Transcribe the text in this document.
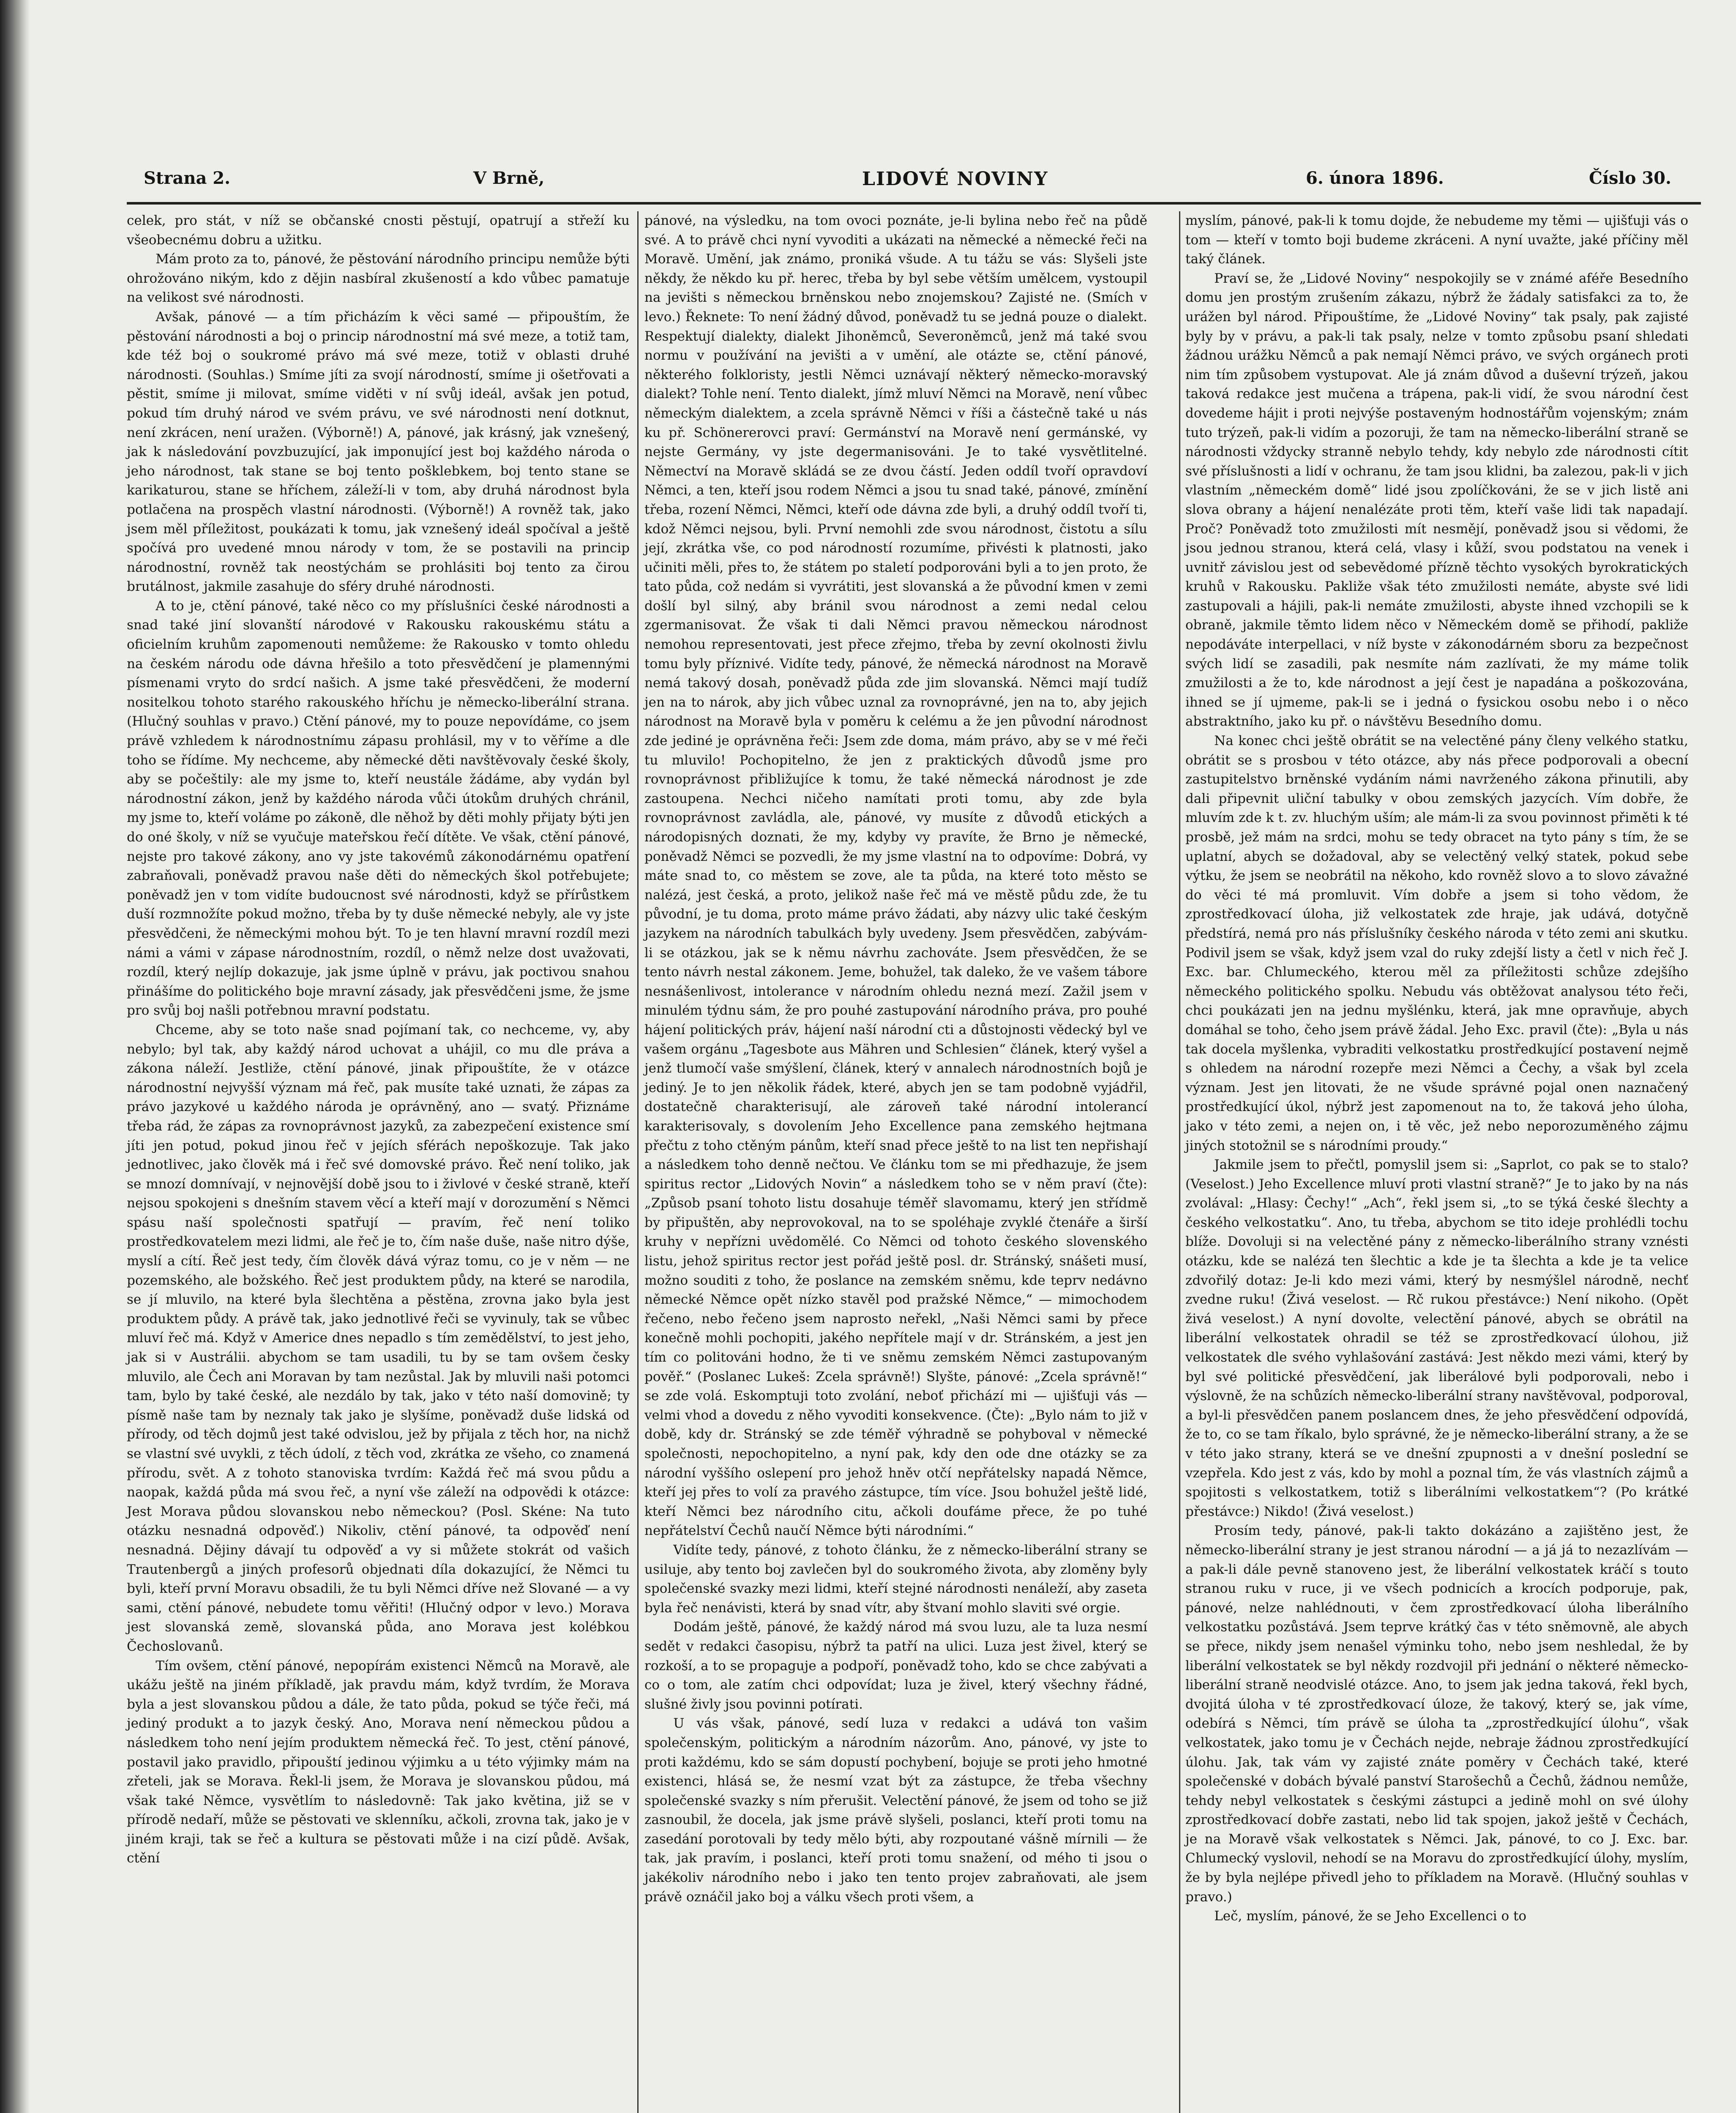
Strana 2.	V Brně,	LIDOVÉ NOVINY	6. února 1896.	Číslo 30.

celek, pro stát, v níž se občanské cnosti pěstují, opatrují a střeží ku všeobecnému dobru a užitku.

Mám proto za to, pánové, že pěstování národního principu nemůže býti ohrožováno nikým, kdo z dějin nasbíral zkušeností a kdo vůbec pamatuje na velikost své národnosti.

Avšak, pánové — a tím přicházím k věci samé — připouštím, že pěstování národnosti a boj o princip národnostní má své meze, a totiž tam, kde též boj o soukromé právo má své meze, totiž v oblasti druhé národnosti. (Souhlas.) Smíme jíti za svojí národností, smíme ji ošetřovati a pěstit, smíme ji milovat, smíme viděti v ní svůj ideál, avšak jen potud, pokud tím druhý národ ve svém právu, ve své národnosti není dotknut, není zkrácen, není uražen. (Výborně!) A, pánové, jak krásný, jak vznešený, jak k následování povzbuzující, jak imponující jest boj každého národa o jeho národnost, tak stane se boj tento pošklebkem, boj tento stane se karikaturou, stane se hříchem, záleží-li v tom, aby druhá národnost byla potlačena na prospěch vlastní národnosti. (Výborně!) A rovněž tak, jako jsem měl příležitost, poukázati k tomu, jak vznešený ideál spočíval a ještě spočívá pro uvedené mnou národy v tom, že se postavili na princip národnostní, rovněž tak neostýchám se prohlásiti boj tento za čirou brutálnost, jakmile zasahuje do sféry druhé národnosti.

A to je, ctění pánové, také něco co my příslušníci české národnosti a snad také jiní slovanští národové v Rakousku rakouskému státu a oficielním kruhům zapomenouti nemůžeme: že Rakousko v tomto ohledu na českém národu ode dávna hřešilo a toto přesvědčení je plamennými písmenami vryto do srdcí našich. A jsme také přesvědčeni, že moderní nositelkou tohoto starého rakouského hříchu je německo-liberální strana. (Hlučný souhlas v pravo.) Ctění pánové, my to pouze nepovídáme, co jsem právě vzhledem k národnostnímu zápasu prohlásil, my v to věříme a dle toho se řídíme. My nechceme, aby německé děti navštěvovaly české školy, aby se počeštily: ale my jsme to, kteří neustále žádáme, aby vydán byl národnostní zákon, jenž by každého národa vůči útokům druhých chránil, my jsme to, kteří voláme po zákoně, dle něhož by děti mohly přijaty býti jen do oné školy, v níž se vyučuje mateřskou řečí dítěte. Ve však, ctění pánové, nejste pro takové zákony, ano vy jste takovémů zákonodárnému opatření zabraňovali, poněvadž pravou naše děti do německých škol potřebujete; poněvadž jen v tom vidíte budoucnost své národnosti, když se přírůstkem duší rozmnožíte pokud možno, třeba by ty duše německé nebyly, ale vy jste přesvědčeni, že německými mohou být. To je ten hlavní mravní rozdíl mezi námi a vámi v zápase národnostním, rozdíl, o němž nelze dost uvažovati, rozdíl, který nejlíp dokazuje, jak jsme úplně v právu, jak poctivou snahou přinášíme do politického boje mravní zásady, jak přesvědčeni jsme, že jsme pro svůj boj našli potřebnou mravní podstatu.

Chceme, aby se toto naše snad pojímaní tak, co nechceme, vy, aby nebylo; byl tak, aby každý národ uchovat a uhájil, co mu dle práva a zákona náleží. Jestliže, ctění pánové, jinak připouštíte, že v otázce národnostní nejvyšší význam má řeč, pak musíte také uznati, že zápas za právo jazykové u každého národa je oprávněný, ano — svatý. Přiznáme třeba rád, že zápas za rovnoprávnost jazyků, za zabezpečení existence smí jíti jen potud, pokud jinou řeč v jejích sférách nepoškozuje. Tak jako jednotlivec, jako člověk má i řeč své domovské právo. Řeč není toliko, jak se mnozí domnívají, v nejnovější době jsou to i živlové v české straně, kteří nejsou spokojeni s dnešním stavem věcí a kteří mají v dorozumění s Němci spásu naší společnosti spatřují — pravím, řeč není toliko prostředkovatelem mezi lidmi, ale řeč je to, čím naše duše, naše nitro dýše, myslí a cítí. Řeč jest tedy, čím člověk dává výraz tomu, co je v něm — ne pozemského, ale božského. Řeč jest produktem půdy, na které se narodila, se jí mluvilo, na které byla šlechtěna a pěstěna, zrovna jako byla jest produktem půdy. A právě tak, jako jednotlivé řeči se vyvinuly, tak se vůbec mluví řeč má. Když v Americe dnes nepadlo s tím zemědělství, to jest jeho, jak si v Austrálii. abychom se tam usadili, tu by se tam ovšem česky mluvilo, ale Čech ani Moravan by tam nezůstal. Jak by mluvili naši potomci tam, bylo by také české, ale nezdálo by tak, jako v této naší domovině; ty písmě naše tam by neznaly tak jako je slyšíme, poněvadž duše lidská od přírody, od těch dojmů jest také odvislou, jež by přijala z těch hor, na nichž se vlastní své uvykli, z těch údolí, z těch vod, zkrátka ze všeho, co znamená přírodu, svět. A z tohoto stanoviska tvrdím: Každá řeč má svou půdu a naopak, každá půda má svou řeč, a nyní vše záleží na odpovědi k otázce: Jest Morava půdou slovanskou nebo německou? (Posl. Skéne: Na tuto otázku nesnadná odpověď.) Nikoliv, ctění pánové, ta odpověď není nesnadná. Dějiny dávají tu odpověď a vy si můžete stokrát od vašich Trautenbergů a jiných profesorů objednati díla dokazující, že Němci tu byli, kteří první Moravu obsadili, že tu byli Němci dříve než Slované — a vy sami, ctění pánové, nebudete tomu věřiti! (Hlučný odpor v levo.) Morava jest slovanská země, slovanská půda, ano Morava jest kolébkou Čechoslovanů.

Tím ovšem, ctění pánové, nepopírám existenci Němců na Moravě, ale ukážu ještě na jiném příkladě, jak pravdu mám, když tvrdím, že Morava byla a jest slovanskou půdou a dále, že tato půda, pokud se týče řeči, má jediný produkt a to jazyk český. Ano, Morava není německou půdou a následkem toho není jejím produktem německá řeč. To jest, ctění pánové, postavil jako pravidlo, připouští jedinou výjimku a u této výjimky mám na zřeteli, jak se Morava. Řekl-li jsem, že Morava je slovanskou půdou, má však také Němce, vysvětlím to následovně: Tak jako květina, již se v přírodě nedaří, může se pěstovati ve sklenníku, ačkoli, zrovna tak, jako je v jiném kraji, tak se řeč a kultura se pěstovati může i na cizí půdě. Avšak, ctění

pánové, na výsledku, na tom ovoci poznáte, je-li bylina nebo řeč na půdě své. A to právě chci nyní vyvoditi a ukázati na německé a německé řeči na Moravě. Umění, jak známo, proniká všude. A tu tážu se vás: Slyšeli jste někdy, že někdo ku př. herec, třeba by byl sebe větším umělcem, vystoupil na jevišti s německou brněnskou nebo znojemskou? Zajisté ne. (Smích v levo.) Řeknete: To není žádný důvod, poněvadž tu se jedná pouze o dialekt. Respektují dialekty, dialekt Jihoněmců, Severoněmců, jenž má také svou normu v používání na jevišti a v umění, ale otázte se, ctění pánové, některého folkloristy, jestli Němci uznávají některý německo-moravský dialekt? Tohle není. Tento dialekt, jímž mluví Němci na Moravě, není vůbec německým dialektem, a zcela správně Němci v říši a částečně také u nás ku př. Schönererovci praví: Germánství na Moravě není germánské, vy nejste Germány, vy jste degermanisováni. Je to také vysvětlitelné. Němectví na Moravě skládá se ze dvou částí. Jeden oddíl tvoří opravdoví Němci, a ten, kteří jsou rodem Němci a jsou tu snad také, pánové, zmínění třeba, rození Němci, Němci, kteří ode dávna zde byli, a druhý oddíl tvoří ti, kdož Němci nejsou, byli. První nemohli zde svou národnost, čistotu a sílu její, zkrátka vše, co pod národností rozumíme, přivésti k platnosti, jako učiniti měli, přes to, že státem po staletí podporováni byli a to jen proto, že tato půda, což nedám si vyvrátiti, jest slovanská a že původní kmen v zemi došlí byl silný, aby bránil svou národnost a zemi nedal celou zgermanisovat. Že však ti dali Němci pravou německou národnost nemohou representovati, jest přece zřejmo, třeba by zevní okolnosti živlu tomu byly příznivé. Vidíte tedy, pánové, že německá národnost na Moravě nemá takový dosah, poněvadž půda zde jim slovanská. Němci mají tudíž jen na to nárok, aby jich vůbec uznal za rovnoprávné, jen na to, aby jejich národnost na Moravě byla v poměru k celému a že jen původní národnost zde jediné je oprávněna řeči: Jsem zde doma, mám právo, aby se v mé řeči tu mluvilo! Pochopitelno, že jen z praktických důvodů jsme pro rovnoprávnost přibližujíce k tomu, že také německá národnost je zde zastoupena. Nechci ničeho namítati proti tomu, aby zde byla rovnoprávnost zavládla, ale, pánové, vy musíte z důvodů etických a národopisných doznati, že my, kdyby vy pravíte, že Brno je německé, poněvadž Němci se pozvedli, že my jsme vlastní na to odpovíme: Dobrá, vy máte snad to, co městem se zove, ale ta půda, na které toto město se nalézá, jest česká, a proto, jelikož naše řeč má ve městě půdu zde, že tu původní, je tu doma, proto máme právo žádati, aby názvy ulic také českým jazykem na národních tabulkách byly uvedeny. Jsem přesvědčen, zabývám-li se otázkou, jak se k němu návrhu zachováte. Jsem přesvědčen, že se tento návrh nestal zákonem. Jeme, bohužel, tak daleko, že ve vašem tábore nesnášenlivost, intolerance v národním ohledu nezná mezí. Zažil jsem v minulém týdnu sám, že pro pouhé zastupování národního práva, pro pouhé hájení politických práv, hájení naší národní cti a důstojnosti vědecký byl ve vašem orgánu „Tagesbote aus Mähren und Schlesien“ článek, který vyšel a jenž tlumočí vaše smýšlení, článek, který v annalech národnostních bojů je jediný. Je to jen několik řádek, které, abych jen se tam podobně vyjádřil, dostatečně charakterisují, ale zároveň také národní intolerancí karakterisovaly, s dovolením Jeho Excellence pana zemského hejtmana přečtu z toho ctěným pánům, kteří snad přece ještě to na list ten nepřishají a následkem toho denně nečtou. Ve článku tom se mi předhazuje, že jsem spiritus rector „Lidových Novin“ a následkem toho se v něm praví (čte): „Způsob psaní tohoto listu dosahuje téměř slavomamu, který jen střídmě by připuštěn, aby neprovokoval, na to se spoléhaje zvyklé čtenáře a širší kruhy v nepřízni uvědomělé. Co Němci od tohoto českého slovenského listu, jehož spiritus rector jest pořád ještě posl. dr. Stránský, snášeti musí, možno souditi z toho, že poslance na zemském sněmu, kde teprv nedávno německé Němce opět nízko stavěl pod pražské Němce,“ — mimochodem řečeno, nebo řečeno jsem naprosto neřekl, „Naši Němci sami by přece konečně mohli pochopiti, jakého nepřítele mají v dr. Stránském, a jest jen tím co politováni hodno, že ti ve sněmu zemském Němci zastupovaným pověř.“ (Poslanec Lukeš: Zcela správně!) Slyšte, pánové: „Zcela správně!“ se zde volá. Eskomptuji toto zvolání, neboť přichází mi — ujišťuji vás — velmi vhod a dovedu z něho vyvoditi konsekvence. (Čte): „Bylo nám to již v době, kdy dr. Stránský se zde téměř výhradně se pohyboval v německé společnosti, nepochopitelno, a nyní pak, kdy den ode dne otázky se za národní vyššího oslepení pro jehož hněv otčí nepřátelsky napadá Němce, kteří jej přes to volí za pravého zástupce, tím více. Jsou bohužel ještě lidé, kteří Němci bez národního citu, ačkoli doufáme přece, že po tuhé nepřátelství Čechů naučí Němce býti národními.“

Vidíte tedy, pánové, z tohoto článku, že z německo-liberální strany se usiluje, aby tento boj zavlečen byl do soukromého života, aby zloměny byly společenské svazky mezi lidmi, kteří stejné národnosti nenáleží, aby zaseta byla řeč nenávisti, která by snad vítr, aby štvaní mohlo slaviti své orgie.

Dodám ještě, pánové, že každý národ má svou luzu, ale ta luza nesmí sedět v redakci časopisu, nýbrž ta patří na ulici. Luza jest živel, který se rozkoší, a to se propaguje a podpoří, poněvadž toho, kdo se chce zabývati a co o tom, ale zatím chci odpovídat; luza je živel, který všechny řádné, slušné živly jsou povinni potírati.

U vás však, pánové, sedí luza v redakci a udává ton vašim společenským, politickým a národním názorům. Ano, pánové, vy jste to proti každému, kdo se sám dopustí pochybení, bojuje se proti jeho hmotné existenci, hlásá se, že nesmí vzat být za zástupce, že třeba všechny společenské svazky s ním přerušit. Velectění pánové, že jsem od toho se již zasnoubil, že docela, jak jsme právě slyšeli, poslanci, kteří proti tomu na zasedání porotovali by tedy mělo býti, aby rozpoutané vášně mírnili — že tak, jak pravím, i poslanci, kteří proti tomu snažení, od mého ti jsou o jakékoliv národního nebo i jako ten tento projev zabraňovati, ale jsem právě oznáčil jako boj a válku všech proti všem, a

myslím, pánové, pak-li k tomu dojde, že nebudeme my těmi — ujišťuji vás o tom — kteří v tomto boji budeme zkráceni. A nyní uvažte, jaké příčiny měl taký článek.

Praví se, že „Lidové Noviny“ nespokojily se v známé aféře Besedního domu jen prostým zrušením zákazu, nýbrž že žádaly satisfakci za to, že urážen byl národ. Připouštíme, že „Lidové Noviny“ tak psaly, pak zajisté byly by v právu, a pak-li tak psaly, nelze v tomto způsobu psaní shledati žádnou urážku Němců a pak nemají Němci právo, ve svých orgánech proti nim tím způsobem vystupovat. Ale já znám důvod a duševní trýzeň, jakou taková redakce jest mučena a trápena, pak-li vidí, že svou národní čest dovedeme hájit i proti nejvýše postaveným hodnostářům vojenským; znám tuto trýzeň, pak-li vidím a pozoruji, že tam na německo-liberální straně se národnosti vždycky stranně nebylo tehdy, kdy nebylo zde národnosti cítit své příslušnosti a lidí v ochranu, že tam jsou klidni, ba zalezou, pak-li v jich vlastním „německém domě“ lidé jsou zpolíčkováni, že se v jich listě ani slova obrany a hájení nenalézáte proti těm, kteří vaše lidi tak napadají. Proč? Poněvadž toto zmužilosti mít nesmějí, poněvadž jsou si vědomi, že jsou jednou stranou, která celá, vlasy i kůží, svou podstatou na venek i uvnitř závislou jest od sebevědomé přízně těchto vysokých byrokratických kruhů v Rakousku. Pakliže však této zmužilosti nemáte, abyste své lidi zastupovali a hájili, pak-li nemáte zmužilosti, abyste ihned vzchopili se k obraně, jakmile těmto lidem něco v Německém domě se přihodí, pakliže nepodáváte interpellaci, v níž byste v zákonodárném sboru za bezpečnost svých lidí se zasadili, pak nesmíte nám zazlívati, že my máme tolik zmužilosti a že to, kde národnost a její čest je napadána a poškozována, ihned se jí ujmeme, pak-li se i jedná o fysickou osobu nebo i o něco abstraktního, jako ku př. o návštěvu Besedního domu.

Na konec chci ještě obrátit se na velectěné pány členy velkého statku, obrátit se s prosbou v této otázce, aby nás přece podporovali a obecní zastupitelstvo brněnské vydáním námi navrženého zákona přinutili, aby dali připevnit uliční tabulky v obou zemských jazycích. Vím dobře, že mluvím zde k t. zv. hluchým uším; ale mám-li za svou povinnost přiměti k té prosbě, jež mám na srdci, mohu se tedy obracet na tyto pány s tím, že se uplatní, abych se dožadoval, aby se velectěný velký statek, pokud sebe výtku, že jsem se neobrátil na někoho, kdo rovněž slovo a to slovo závažné do věci té má promluvit. Vím dobře a jsem si toho vědom, že zprostředkovací úloha, již velkostatek zde hraje, jak udává, dotyčně předstírá, nemá pro nás příslušníky českého národa v této zemi ani skutku. Podivil jsem se však, když jsem vzal do ruky zdejší listy a četl v nich řeč J. Exc. bar. Chlumeckého, kterou měl za příležitosti schůze zdejšího německého politického spolku. Nebudu vás obtěžovat analysou této řeči, chci poukázati jen na jednu myšlénku, která, jak mne opravňuje, abych domáhal se toho, čeho jsem právě žádal. Jeho Exc. pravil (čte): „Byla u nás tak docela myšlenka, vybraditi velkostatku prostředkující postavení nejmě s ohledem na národní rozepře mezi Němci a Čechy, a však byl zcela význam. Jest jen litovati, že ne všude správné pojal onen naznačený prostředkující úkol, nýbrž jest zapomenout na to, že taková jeho úloha, jako v této zemi, a nejen on, i tě věc, jež nebo neporozuměného zájmu jiných stotožnil se s národními proudy.“

Jakmile jsem to přečtl, pomyslil jsem si: „Saprlot, co pak se to stalo? (Veselost.) Jeho Excellence mluví proti vlastní straně?“ Je to jako by na nás zvolával: „Hlasy: Čechy!“ „Ach“, řekl jsem si, „to se týká české šlechty a českého velkostatku“. Ano, tu třeba, abychom se tito ideje prohlédli tochu blíže. Dovoluji si na velectěné pány z německo-liberálního strany vznésti otázku, kde se nalézá ten šlechtic a kde je ta šlechta a kde je ta velice zdvořilý dotaz: Je-li kdo mezi vámi, který by nesmýšlel národně, nechť zvedne ruku! (Živá veselost. — Rč rukou přestávce:) Není nikoho. (Opět živá veselost.) A nyní dovolte, velectění pánové, abych se obrátil na liberální velkostatek ohradil se též se zprostředkovací úlohou, již velkostatek dle svého vyhlašování zastává: Jest někdo mezi vámi, který by byl své politické přesvědčení, jak liberálové byli podporovali, nebo i výslovně, že na schůzích německo-liberální strany navštěvoval, podporoval, a byl-li přesvědčen panem poslancem dnes, že jeho přesvědčení odpovídá, že to, co se tam říkalo, bylo správné, že je německo-liberální strany, a že se v této jako strany, která se ve dnešní zpupnosti a v dnešní poslední se vzepřela. Kdo jest z vás, kdo by mohl a poznal tím, že vás vlastních zájmů a spojitosti s velkostatkem, totiž s liberálními velkostatkem“? (Po krátké přestávce:) Nikdo! (Živá veselost.)

Prosím tedy, pánové, pak-li takto dokázáno a zajištěno jest, že německo-liberální strany je jest stranou národní — a já já to nezazlívám — a pak-li dále pevně stanoveno jest, že liberální velkostatek kráčí s touto stranou ruku v ruce, ji ve všech podnicích a krocích podporuje, pak, pánové, nelze nahlédnouti, v čem zprostředkovací úloha liberálního velkostatku pozůstává. Jsem teprve krátký čas v této sněmovně, ale abych se přece, nikdy jsem nenašel výminku toho, nebo jsem neshledal, že by liberální velkostatek se byl někdy rozdvojil při jednání o některé německo-liberální straně neodvislé otázce. Ano, to jsem jak jedna taková, řekl bych, dvojitá úloha v té zprostředkovací úloze, že takový, který se, jak víme, odebírá s Němci, tím právě se úloha ta „zprostředkující úlohu“, však velkostatek, jako tomu je v Čechách nejde, nebraje žádnou zprostředkující úlohu. Jak, tak vám vy zajisté znáte poměry v Čechách také, které společenské v dobách bývalé panství Starošechů a Čechů, žádnou nemůže, tehdy nebyl velkostatek s českými zástupci a jedině mohl on své úlohy zprostředkovací dobře zastati, nebo lid tak spojen, jakož ještě v Čechách, je na Moravě však velkostatek s Němci. Jak, pánové, to co J. Exc. bar. Chlumecký vyslovil, nehodí se na Moravu do zprostředkující úlohy, myslím, že by byla nejlépe přivedl jeho to příkladem na Moravě. (Hlučný souhlas v pravo.)

Leč, myslím, pánové, že se Jeho Excellenci o to
